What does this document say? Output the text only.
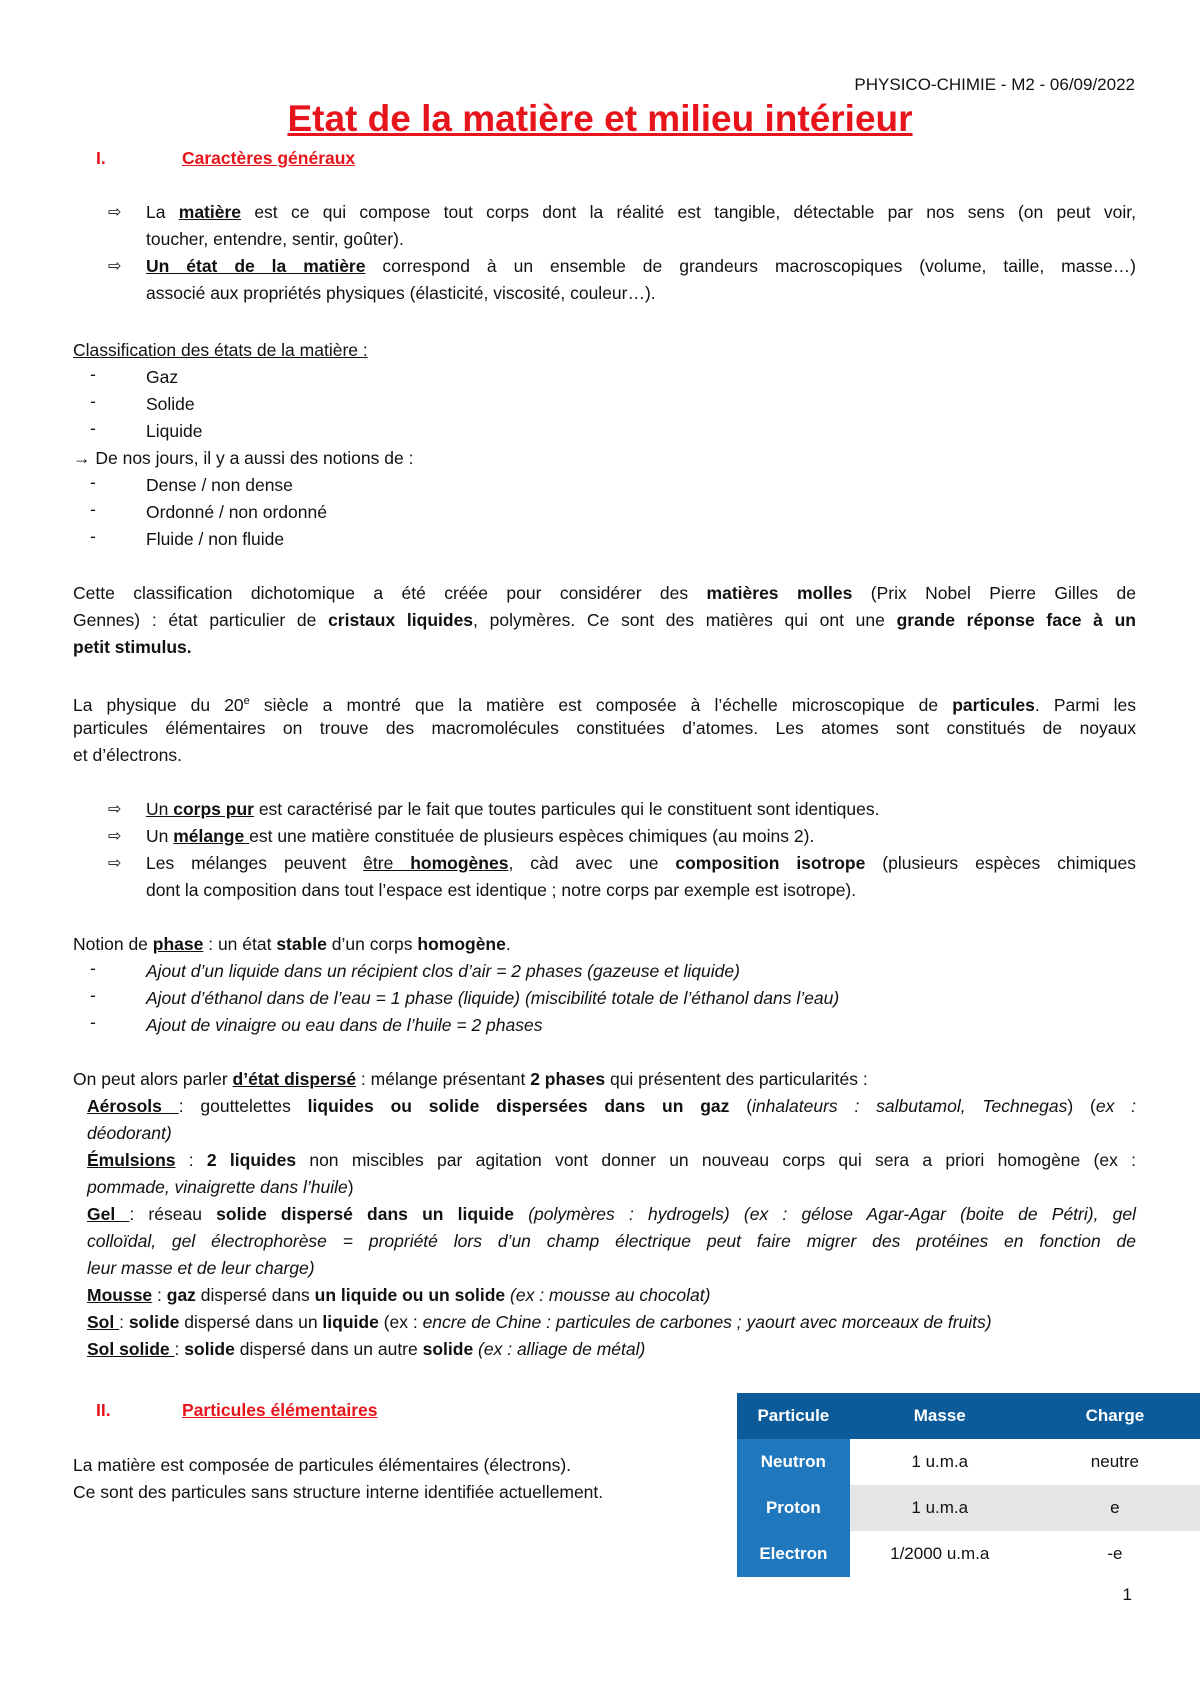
PHYSICO-CHIMIE - M2 - 06/09/2022
Etat de la matière et milieu intérieur
I.	Caractères généraux
⇨ La matière est ce qui compose tout corps dont la réalité est tangible, détectable par nos sens (on peut voir,
toucher, entendre, sentir, goûter).
⇨ Un état de la matière correspond à un ensemble de grandeurs macroscopiques (volume, taille, masse…)
associé aux propriétés physiques (élasticité, viscosité, couleur…).
Classification des états de la matière :
-	Gaz
-	Solide
-	Liquide
→ De nos jours, il y a aussi des notions de :
-	Dense / non dense
-	Ordonné / non ordonné
-	Fluide / non fluide
Cette classification dichotomique a été créée pour considérer des matières molles (Prix Nobel Pierre Gilles de
Gennes) : état particulier de cristaux liquides, polymères. Ce sont des matières qui ont une grande réponse face à un
petit stimulus.
La physique du 20e siècle a montré que la matière est composée à l’échelle microscopique de particules. Parmi les
particules élémentaires on trouve des macromolécules constituées d’atomes. Les atomes sont constitués de noyaux
et d’électrons.
⇨ Un corps pur est caractérisé par le fait que toutes particules qui le constituent sont identiques.
⇨ Un mélange est une matière constituée de plusieurs espèces chimiques (au moins 2).
⇨ Les mélanges peuvent être homogènes, càd avec une composition isotrope (plusieurs espèces chimiques
dont la composition dans tout l’espace est identique ; notre corps par exemple est isotrope).
Notion de phase : un état stable d’un corps homogène.
-	Ajout d’un liquide dans un récipient clos d’air = 2 phases (gazeuse et liquide)
-	Ajout d’éthanol dans de l’eau = 1 phase (liquide) (miscibilité totale de l’éthanol dans l’eau)
-	Ajout de vinaigre ou eau dans de l’huile = 2 phases
On peut alors parler d’état dispersé : mélange présentant 2 phases qui présentent des particularités :
Aérosols : gouttelettes liquides ou solide dispersées dans un gaz (inhalateurs : salbutamol, Technegas) (ex :
déodorant)
Émulsions : 2 liquides non miscibles par agitation vont donner un nouveau corps qui sera a priori homogène (ex :
pommade, vinaigrette dans l’huile)
Gel : réseau solide dispersé dans un liquide (polymères : hydrogels) (ex : gélose Agar-Agar (boite de Pétri), gel
colloïdal, gel électrophorèse = propriété lors d’un champ électrique peut faire migrer des protéines en fonction de
leur masse et de leur charge)
Mousse : gaz dispersé dans un liquide ou un solide (ex : mousse au chocolat)
Sol : solide dispersé dans un liquide (ex : encre de Chine : particules de carbones ; yaourt avec morceaux de fruits)
Sol solide : solide dispersé dans un autre solide (ex : alliage de métal)
II.	Particules élémentaires
La matière est composée de particules élémentaires (électrons).
Ce sont des particules sans structure interne identifiée actuellement.
Particule	Masse	Charge
Neutron	1 u.m.a	neutre
Proton	1 u.m.a	e
Electron	1/2000 u.m.a	-e
1
